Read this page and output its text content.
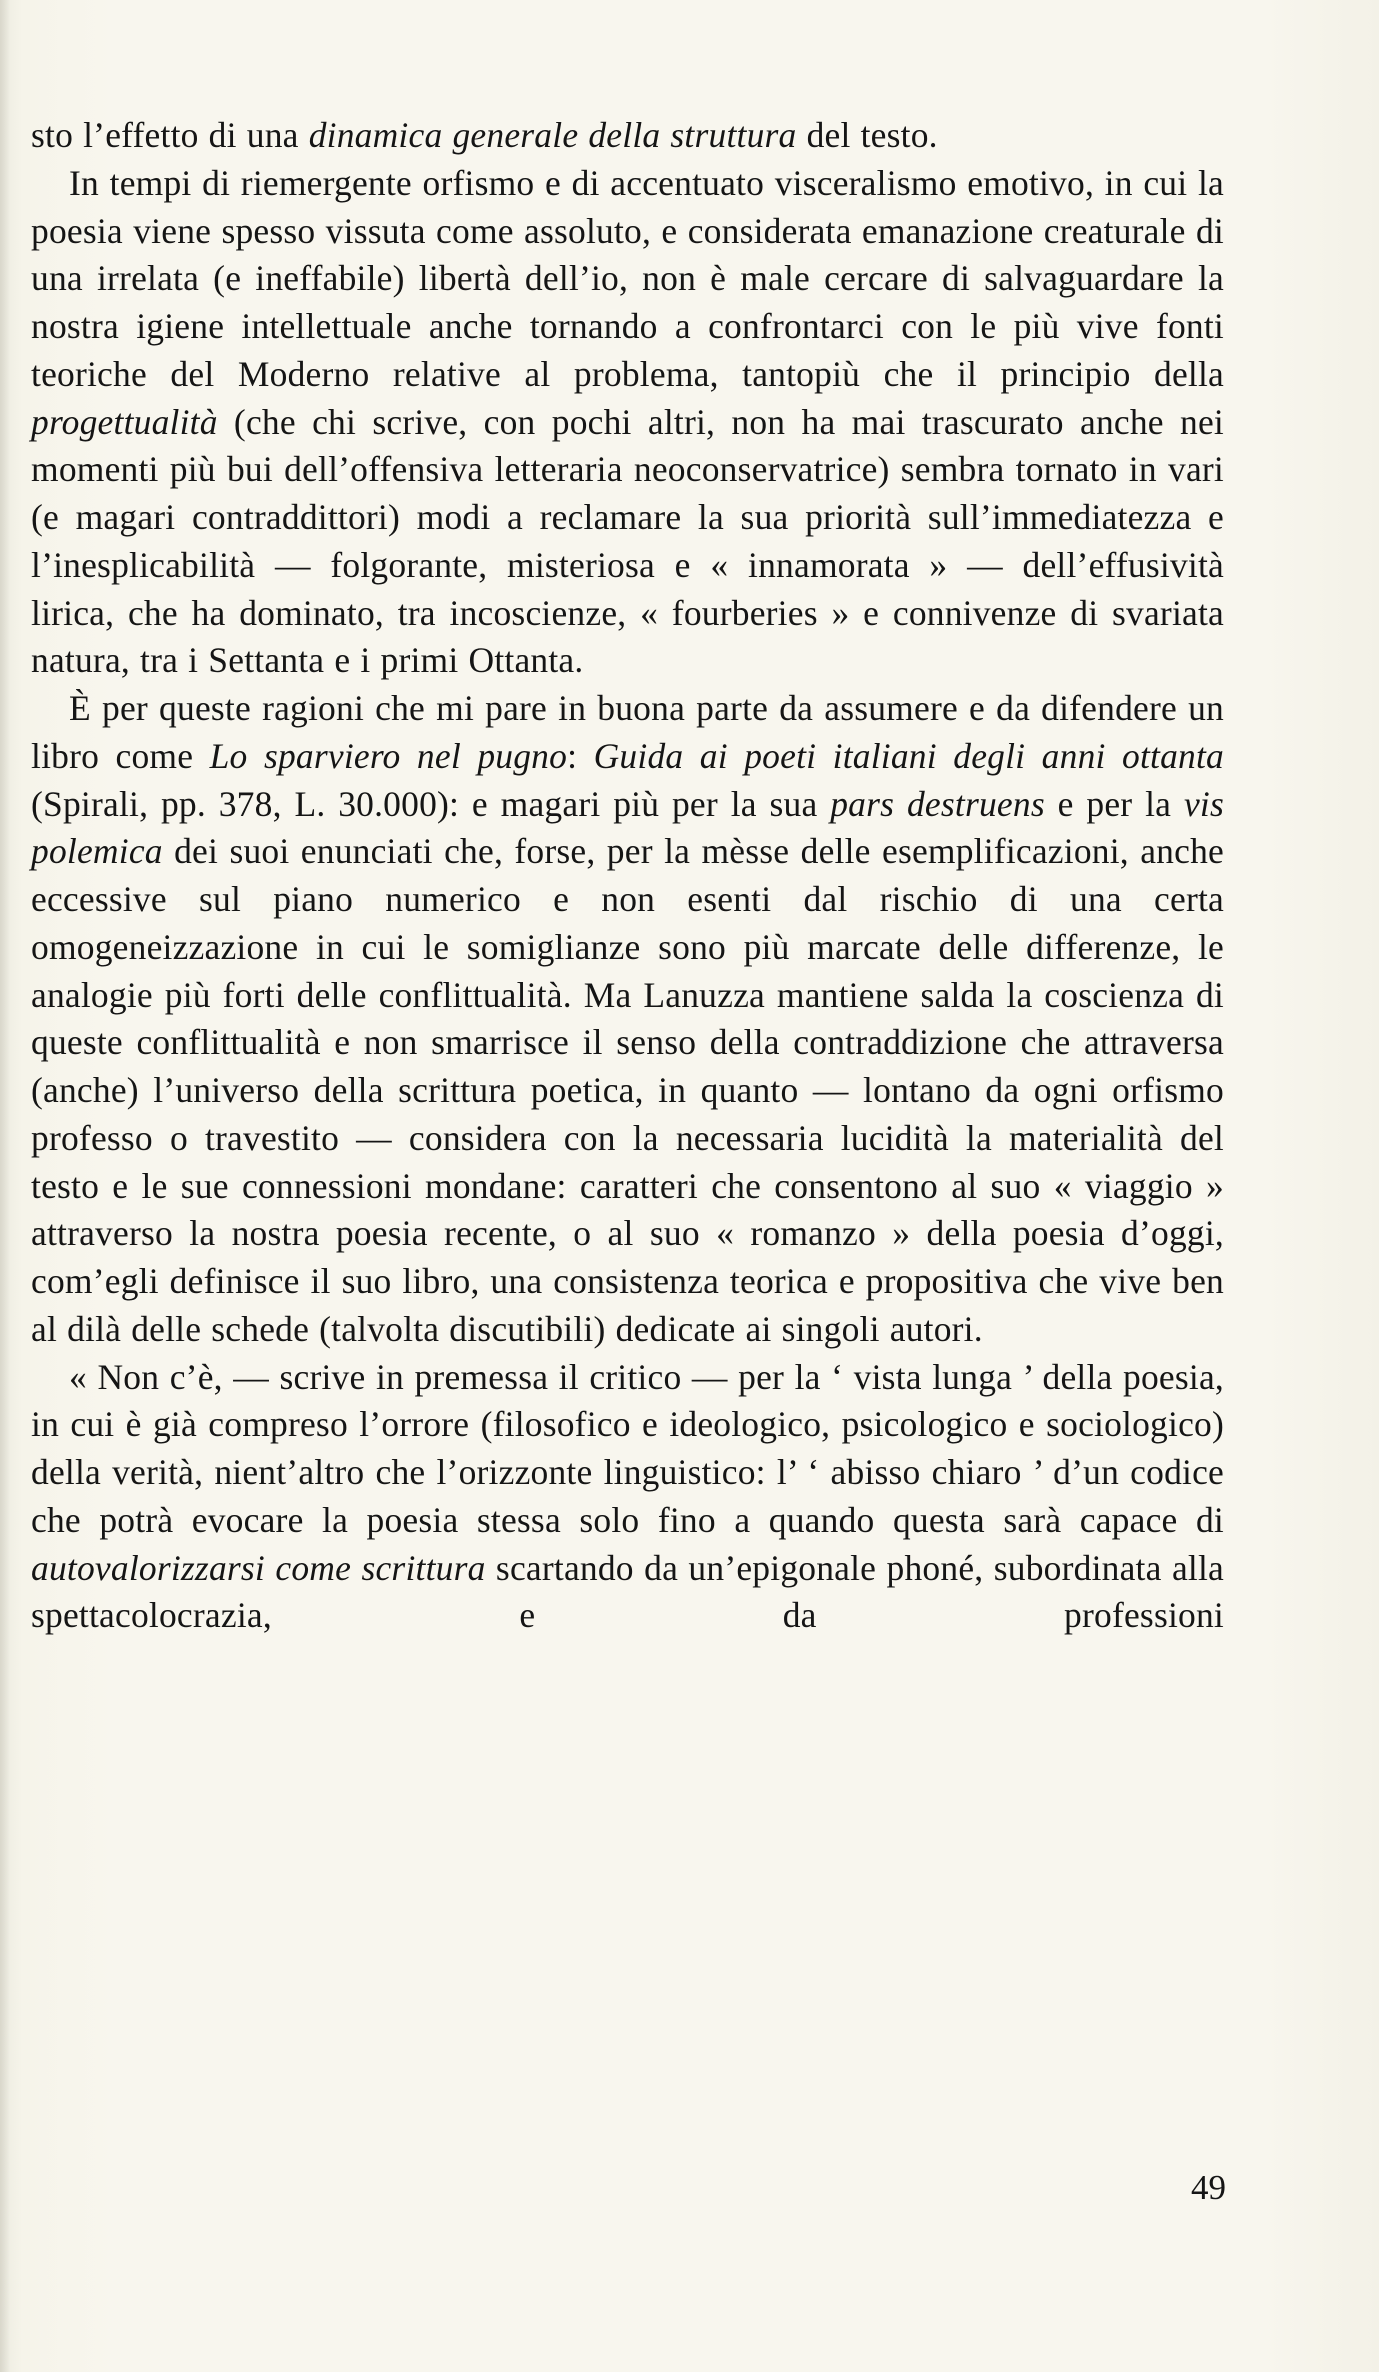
sto l’effetto di una dinamica generale della struttura del testo.

In tempi di riemergente orfismo e di accentuato visceralismo emotivo, in cui la poesia viene spesso vissuta come assoluto, e considerata emanazione creaturale di una irrelata (e ineffabile) libertà dell’io, non è male cercare di salvaguardare la nostra igiene intellettuale anche tornando a confrontarci con le più vive fonti teoriche del Moderno relative al problema, tantopiù che il principio della progettualità (che chi scrive, con pochi altri, non ha mai trascurato anche nei momenti più bui dell’offensiva letteraria neoconservatrice) sembra tornato in vari (e magari contraddittori) modi a reclamare la sua priorità sull’immediatezza e l’inesplicabilità — folgorante, misteriosa e « innamorata » — dell’effusività lirica, che ha dominato, tra incoscienze, « fourberies » e connivenze di svariata natura, tra i Settanta e i primi Ottanta.

È per queste ragioni che mi pare in buona parte da assumere e da difendere un libro come Lo sparviero nel pugno: Guida ai poeti italiani degli anni ottanta (Spirali, pp. 378, L. 30.000): e magari più per la sua pars destruens e per la vis polemica dei suoi enunciati che, forse, per la mèsse delle esemplificazioni, anche eccessive sul piano numerico e non esenti dal rischio di una certa omogeneizzazione in cui le somiglianze sono più marcate delle differenze, le analogie più forti delle conflittualità. Ma Lanuzza mantiene salda la coscienza di queste conflittualità e non smarrisce il senso della contraddizione che attraversa (anche) l’universo della scrittura poetica, in quanto — lontano da ogni orfismo professo o travestito — considera con la necessaria lucidità la materialità del testo e le sue connessioni mondane: caratteri che consentono al suo « viaggio » attraverso la nostra poesia recente, o al suo « romanzo » della poesia d’oggi, com’egli definisce il suo libro, una consistenza teorica e propositiva che vive ben al dilà delle schede (talvolta discutibili) dedicate ai singoli autori.

« Non c’è, — scrive in premessa il critico — per la ‘ vista lunga ’ della poesia, in cui è già compreso l’orrore (filosofico e ideologico, psicologico e sociologico) della verità, nient’altro che l’orizzonte linguistico: l’ ‘ abisso chiaro ’ d’un codice che potrà evocare la poesia stessa solo fino a quando questa sarà capace di autovalorizzarsi come scrittura scartando da un’epigonale phoné, subordinata alla spettacolocrazia, e da professioni

49
